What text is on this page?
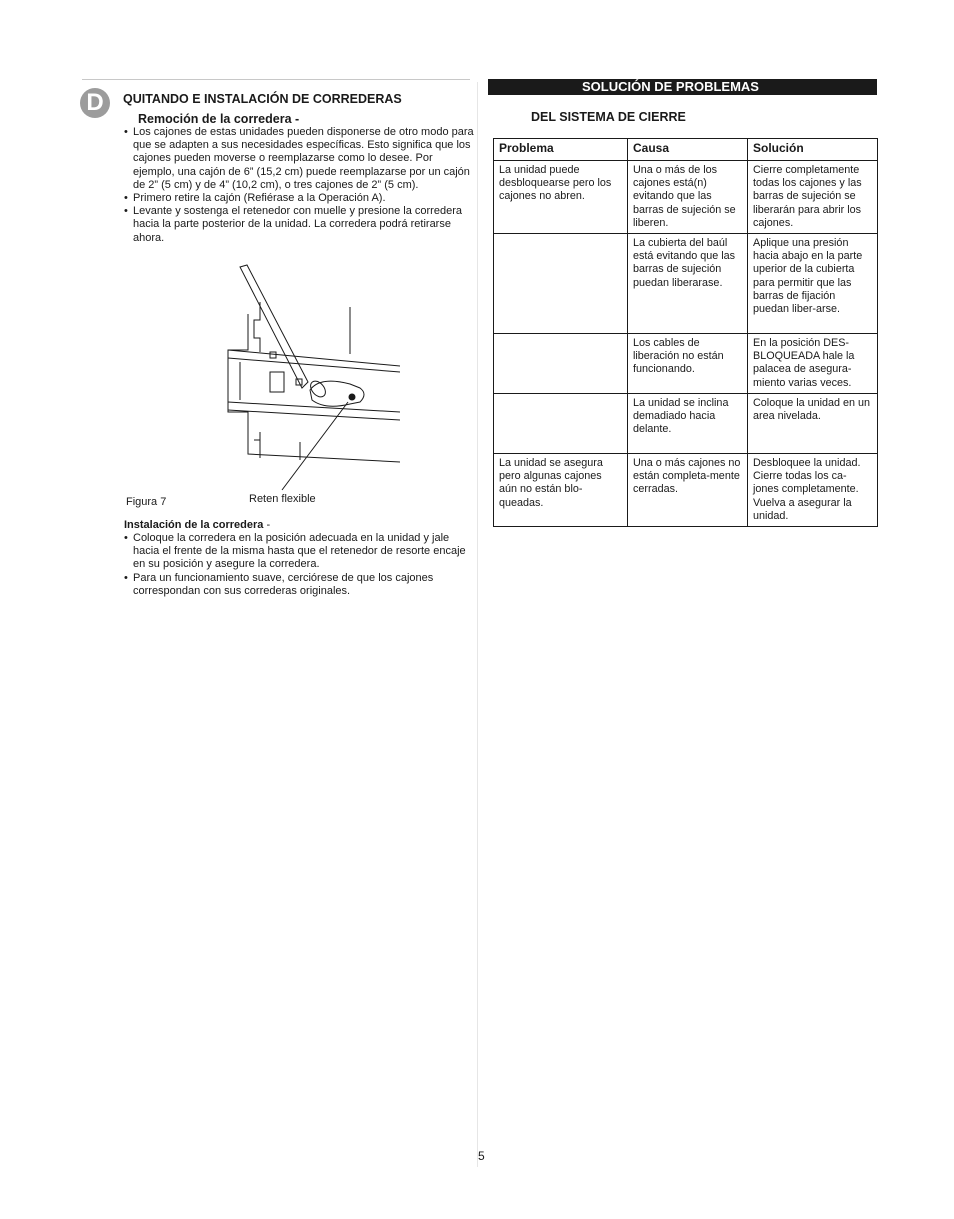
D	QUITANDO E INSTALACIÓN DE CORREDERAS
Remoción de la corredera -
• Los cajones de estas unidades pueden disponerse de otro modo para que se adapten a sus necesidades específicas. Esto significa que los cajones pueden moverse o reemplazarse como lo desee. Por ejemplo, una cajón de 6” (15,2 cm) puede reemplazarse por un cajón de 2” (5 cm) y de 4” (10,2 cm), o tres cajones de 2” (5 cm).
• Primero retire la cajón (Refiérase a la Operación A).
• Levante y sostenga el retenedor con muelle y presione la corredera hacia la parte posterior de la unidad. La corredera podrá retirarse ahora.
Figura 7	Reten flexible
Instalación de la corredera -
• Coloque la corredera en la posición adecuada en la unidad y jale hacia el frente de la misma hasta que el retenedor de resorte encaje en su posición y asegure la corredera.
• Para un funcionamiento suave, cerciórese de que los cajones correspondan con sus correderas originales.
SOLUCIÓN DE PROBLEMAS
DEL SISTEMA DE CIERRE
Problema	Causa	Solución
La unidad puede desbloquearse pero los cajones no abren.	Una o más de los cajones está(n) evitando que las barras de sujeción se liberen.	Cierre completamente todas los cajones y las barras de sujeción se liberarán para abrir los cajones.
	La cubierta del baúl está evitando que las barras de sujeción puedan liberarase.	Aplique una presión hacia abajo en la parte uperior de la cubierta para permitir que las barras de fijación puedan liber-arse.
	Los cables de liberación no están funcionando.	En la posición DES-BLOQUEADA hale la palacea de asegura-miento varias veces.
	La unidad se inclina demadiado hacia delante.	Coloque la unidad en un area nivelada.
La unidad se asegura pero algunas cajones aún no están blo-queadas.	Una o más cajones no están completa-mente cerradas.	Desbloquee la unidad. Cierre todas los ca-jones completamente. Vuelva a asegurar la unidad.
5
